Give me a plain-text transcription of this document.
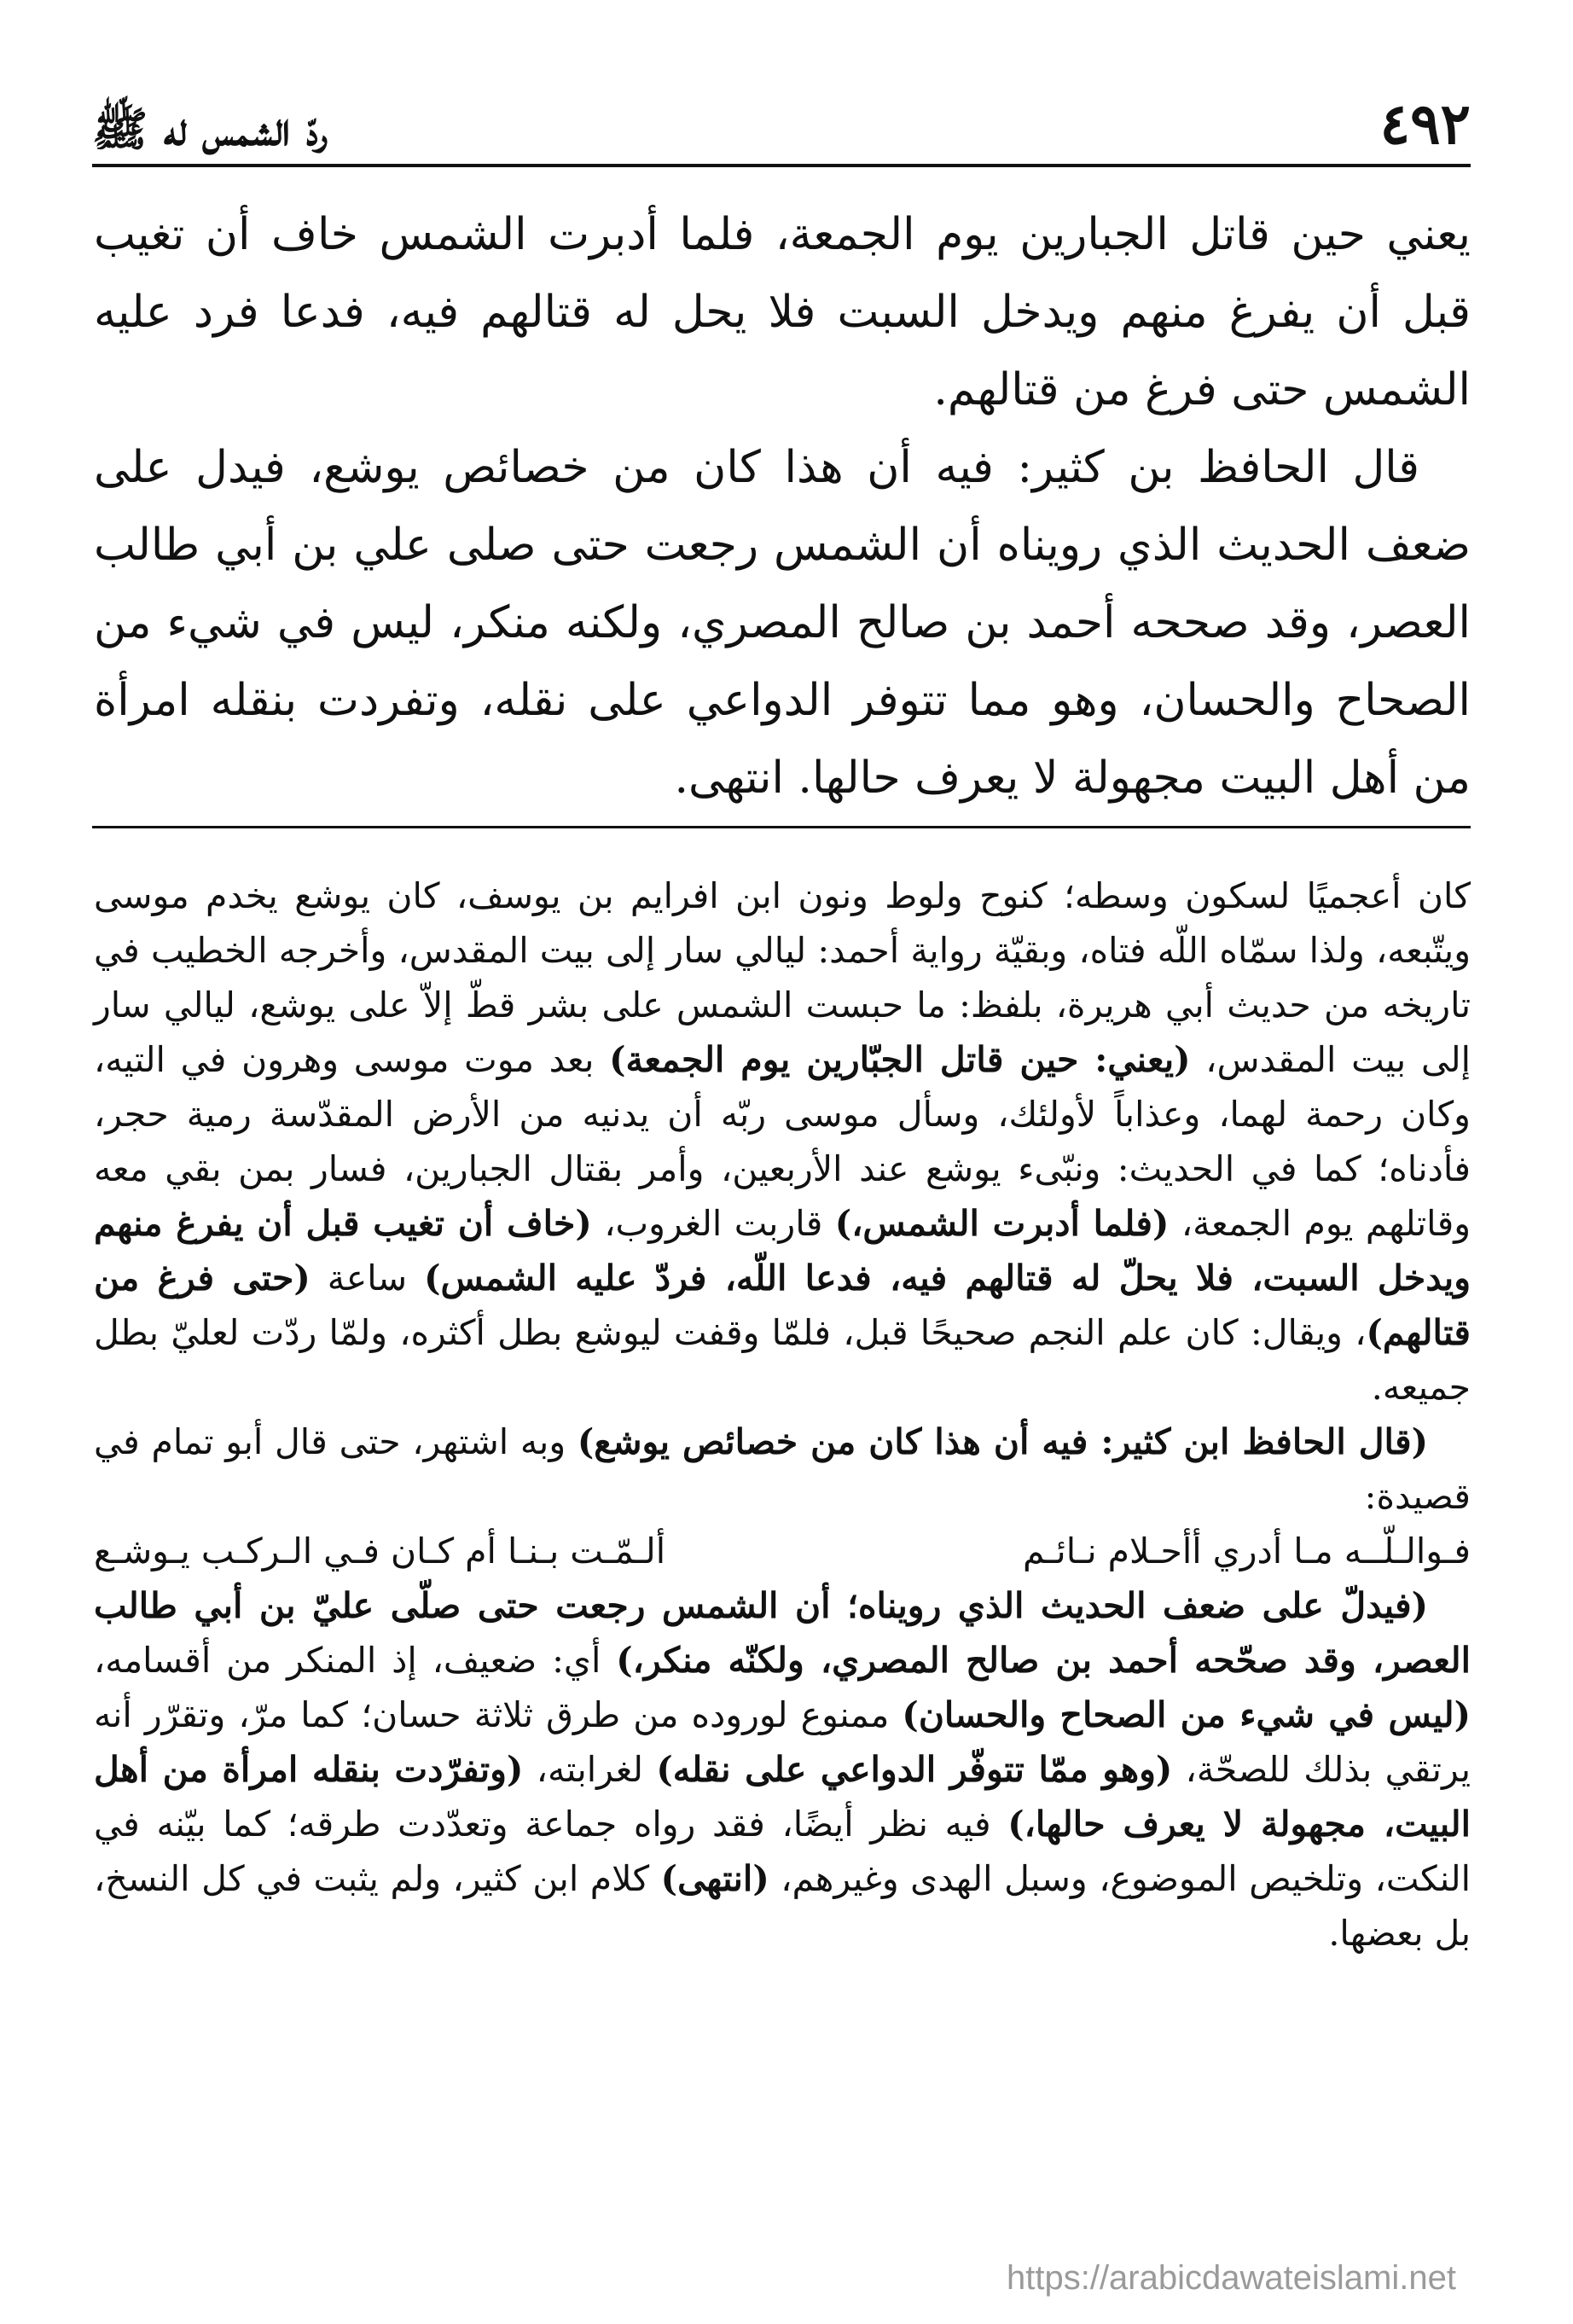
٤٩٢
ردّ الشمس له ﷺ

يعني حين قاتل الجبارين يوم الجمعة، فلما أدبرت الشمس خاف أن تغيب قبل أن يفرغ منهم ويدخل السبت فلا يحل له قتالهم فيه، فدعا فرد عليه الشمس حتى فرغ من قتالهم.

قال الحافظ بن كثير: فيه أن هذا كان من خصائص يوشع، فيدل على ضعف الحديث الذي رويناه أن الشمس رجعت حتى صلى علي بن أبي طالب العصر، وقد صححه أحمد بن صالح المصري، ولكنه منكر، ليس في شيء من الصحاح والحسان، وهو مما تتوفر الدواعي على نقله، وتفردت بنقله امرأة من أهل البيت مجهولة لا يعرف حالها. انتهى.

كان أعجميًا لسكون وسطه؛ كنوح ولوط ونون ابن افرايم بن يوسف، كان يوشع يخدم موسى ويتّبعه، ولذا سمّاه اللّه فتاه، وبقيّة رواية أحمد: ليالي سار إلى بيت المقدس، وأخرجه الخطيب في تاريخه من حديث أبي هريرة، بلفظ: ما حبست الشمس على بشر قطّ إلاّ على يوشع، ليالي سار إلى بيت المقدس، (يعني: حين قاتل الجبّارين يوم الجمعة) بعد موت موسى وهرون في التيه، وكان رحمة لهما، وعذاباً لأولئك، وسأل موسى ربّه أن يدنيه من الأرض المقدّسة رمية حجر، فأدناه؛ كما في الحديث: ونبّىء يوشع عند الأربعين، وأمر بقتال الجبارين، فسار بمن بقي معه وقاتلهم يوم الجمعة، (فلما أدبرت الشمس،) قاربت الغروب، (خاف أن تغيب قبل أن يفرغ منهم ويدخل السبت، فلا يحلّ له قتالهم فيه، فدعا اللّه، فردّ عليه الشمس) ساعة (حتى فرغ من قتالهم)، ويقال: كان علم النجم صحيحًا قبل، فلمّا وقفت ليوشع بطل أكثره، ولمّا ردّت لعليّ بطل جميعه.

(قال الحافظ ابن كثير: فيه أن هذا كان من خصائص يوشع) وبه اشتهر، حتى قال أبو تمام في قصيدة:

فـوالـلّــه مـا أدري أأحـلام نـائـم
ألـمّـت بـنـا أم كـان فـي الـركـب يـوشـع

(فيدلّ على ضعف الحديث الذي رويناه؛ أن الشمس رجعت حتى صلّى عليّ بن أبي طالب العصر، وقد صحّحه أحمد بن صالح المصري، ولكنّه منكر،) أي: ضعيف، إذ المنكر من أقسامه، (ليس في شيء من الصحاح والحسان) ممنوع لوروده من طرق ثلاثة حسان؛ كما مرّ، وتقرّر أنه يرتقي بذلك للصحّة، (وهو ممّا تتوفّر الدواعي على نقله) لغرابته، (وتفرّدت بنقله امرأة من أهل البيت، مجهولة لا يعرف حالها،) فيه نظر أيضًا، فقد رواه جماعة وتعدّدت طرقه؛ كما بيّنه في النكت، وتلخيص الموضوع، وسبل الهدى وغيرهم، (انتهى) كلام ابن كثير، ولم يثبت في كل النسخ، بل بعضها.

https://arabicdawateislami.net
